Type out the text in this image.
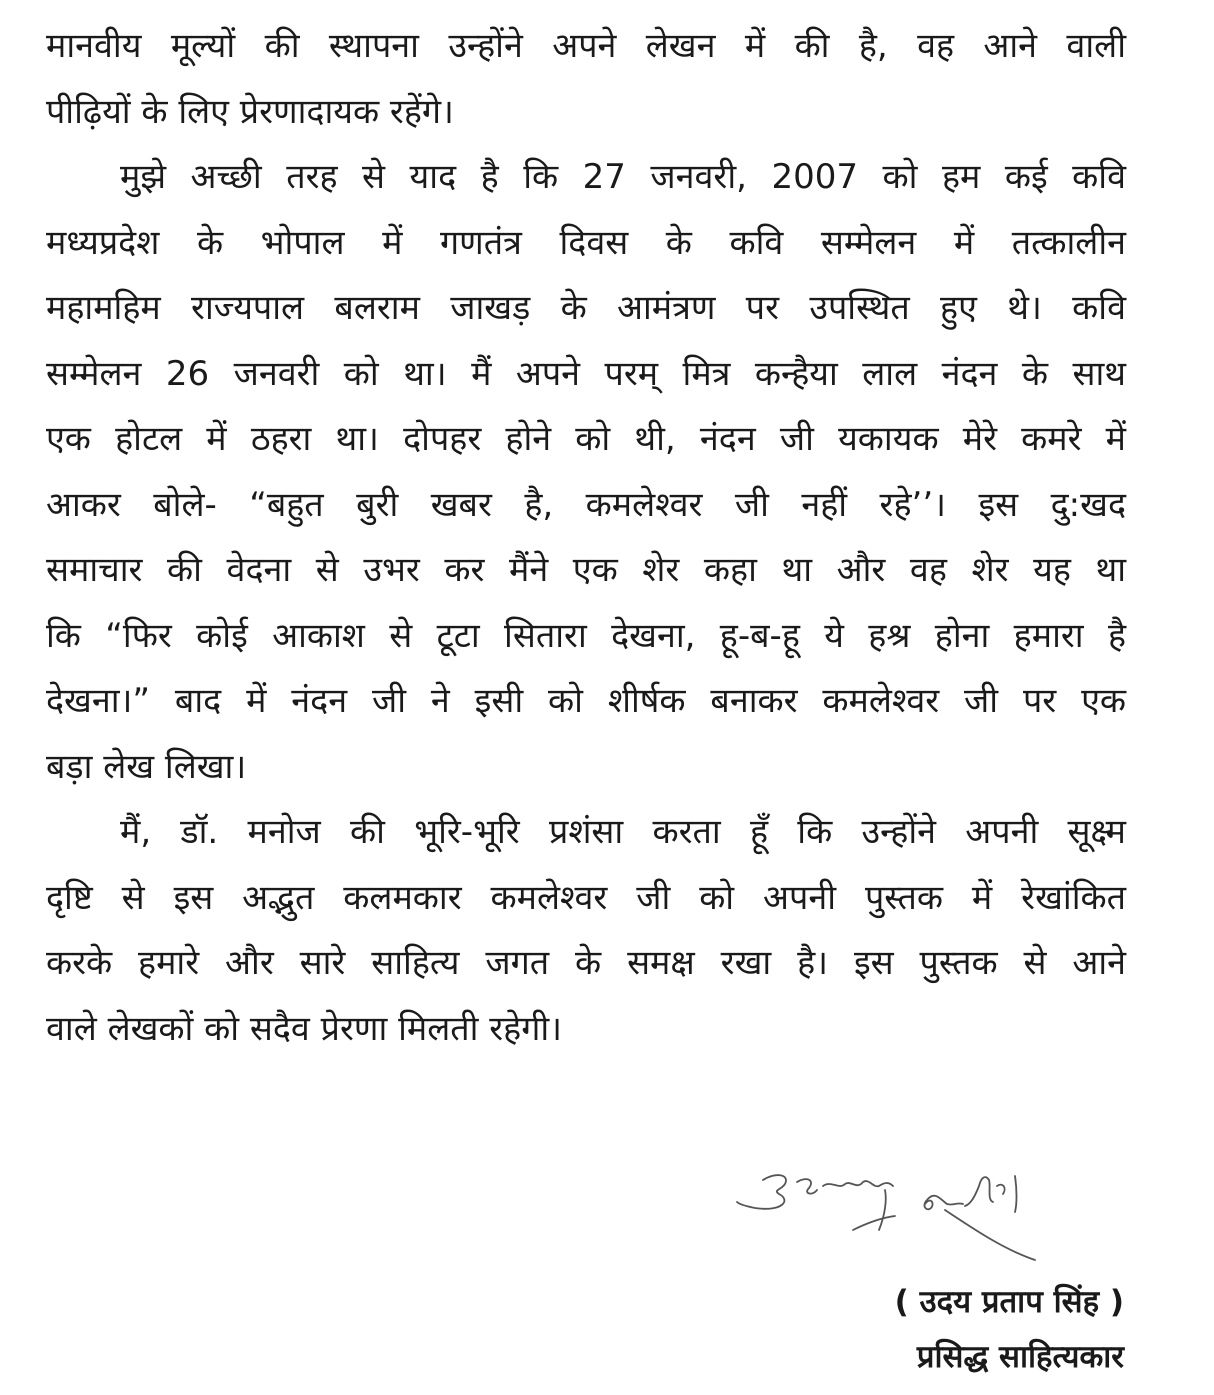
मानवीय मूल्यों की स्थापना उन्होंने अपने लेखन में की है, वह आने वाली
पीढ़ियों के लिए प्रेरणादायक रहेंगे।
मुझे अच्छी तरह से याद है कि 27 जनवरी, 2007 को हम कई कवि
मध्यप्रदेश के भोपाल में गणतंत्र दिवस के कवि सम्मेलन में तत्कालीन
महामहिम राज्यपाल बलराम जाखड़ के आमंत्रण पर उपस्थित हुए थे। कवि
सम्मेलन 26 जनवरी को था। मैं अपने परम् मित्र कन्हैया लाल नंदन के साथ
एक होटल में ठहरा था। दोपहर होने को थी, नंदन जी यकायक मेरे कमरे में
आकर बोले- “बहुत बुरी खबर है, कमलेश्वर जी नहीं रहे’’। इस दु:खद
समाचार की वेदना से उभर कर मैंने एक शेर कहा था और वह शेर यह था
कि “फिर कोई आकाश से टूटा सितारा देखना, हू-ब-हू ये हश्र होना हमारा है
देखना।” बाद में नंदन जी ने इसी को शीर्षक बनाकर कमलेश्वर जी पर एक
बड़ा लेख लिखा।
मैं, डॉ. मनोज की भूरि-भूरि प्रशंसा करता हूँ कि उन्होंने अपनी सूक्ष्म
दृष्टि से इस अद्भुत कलमकार कमलेश्वर जी को अपनी पुस्तक में रेखांकित
करके हमारे और सारे साहित्य जगत के समक्ष रखा है। इस पुस्तक से आने
वाले लेखकों को सदैव प्रेरणा मिलती रहेगी।
( उदय प्रताप सिंह )
प्रसिद्ध साहित्यकार
